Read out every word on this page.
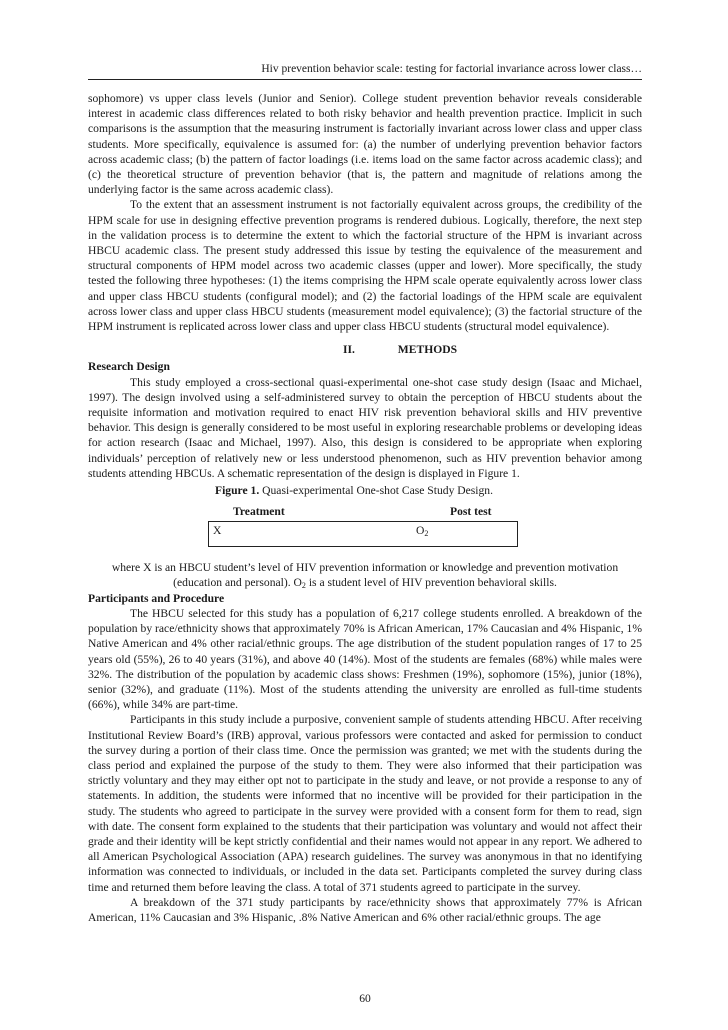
Hiv prevention behavior scale: testing for factorial invariance across lower class…

sophomore) vs upper class levels (Junior and Senior). College student prevention behavior reveals considerable interest in academic class differences related to both risky behavior and health prevention practice. Implicit in such comparisons is the assumption that the measuring instrument is factorially invariant across lower class and upper class students. More specifically, equivalence is assumed for: (a) the number of underlying prevention behavior factors across academic class; (b) the pattern of factor loadings (i.e. items load on the same factor across academic class); and (c) the theoretical structure of prevention behavior (that is, the pattern and magnitude of relations among the underlying factor is the same across academic class).

To the extent that an assessment instrument is not factorially equivalent across groups, the credibility of the HPM scale for use in designing effective prevention programs is rendered dubious. Logically, therefore, the next step in the validation process is to determine the extent to which the factorial structure of the HPM is invariant across HBCU academic class. The present study addressed this issue by testing the equivalence of the measurement and structural components of HPM model across two academic classes (upper and lower). More specifically, the study tested the following three hypotheses: (1) the items comprising the HPM scale operate equivalently across lower class and upper class HBCU students (configural model); and (2) the factorial loadings of the HPM scale are equivalent across lower class and upper class HBCU students (measurement model equivalence); (3) the factorial structure of the HPM instrument is replicated across lower class and upper class HBCU students (structural model equivalence).

II.	METHODS
Research Design

This study employed a cross-sectional quasi-experimental one-shot case study design (Isaac and Michael, 1997). The design involved using a self-administered survey to obtain the perception of HBCU students about the requisite information and motivation required to enact HIV risk prevention behavioral skills and HIV preventive behavior. This design is generally considered to be most useful in exploring researchable problems or developing ideas for action research (Isaac and Michael, 1997). Also, this design is considered to be appropriate when exploring individuals’ perception of relatively new or less understood phenomenon, such as HIV prevention behavior among students attending HBCUs. A schematic representation of the design is displayed in Figure 1.

Figure 1. Quasi-experimental One-shot Case Study Design.
Treatment	Post test
X	$O_2$

where X is an HBCU student’s level of HIV prevention information or knowledge and prevention motivation (education and personal). $O_2$ is a student level of HIV prevention behavioral skills.

Participants and Procedure

The HBCU selected for this study has a population of 6,217 college students enrolled. A breakdown of the population by race/ethnicity shows that approximately 70% is African American, 17% Caucasian and 4% Hispanic, 1% Native American and 4% other racial/ethnic groups. The age distribution of the student population ranges of 17 to 25 years old (55%), 26 to 40 years (31%), and above 40 (14%). Most of the students are females (68%) while males were 32%. The distribution of the population by academic class shows: Freshmen (19%), sophomore (15%), junior (18%), senior (32%), and graduate (11%). Most of the students attending the university are enrolled as full-time students (66%), while 34% are part-time.

Participants in this study include a purposive, convenient sample of students attending HBCU. After receiving Institutional Review Board’s (IRB) approval, various professors were contacted and asked for permission to conduct the survey during a portion of their class time. Once the permission was granted; we met with the students during the class period and explained the purpose of the study to them. They were also informed that their participation was strictly voluntary and they may either opt not to participate in the study and leave, or not provide a response to any of statements. In addition, the students were informed that no incentive will be provided for their participation in the study. The students who agreed to participate in the survey were provided with a consent form for them to read, sign with date. The consent form explained to the students that their participation was voluntary and would not affect their grade and their identity will be kept strictly confidential and their names would not appear in any report. We adhered to all American Psychological Association (APA) research guidelines. The survey was anonymous in that no identifying information was connected to individuals, or included in the data set. Participants completed the survey during class time and returned them before leaving the class. A total of 371 students agreed to participate in the survey.

A breakdown of the 371 study participants by race/ethnicity shows that approximately 77% is African American, 11% Caucasian and 3% Hispanic, .8% Native American and 6% other racial/ethnic groups. The age

60
